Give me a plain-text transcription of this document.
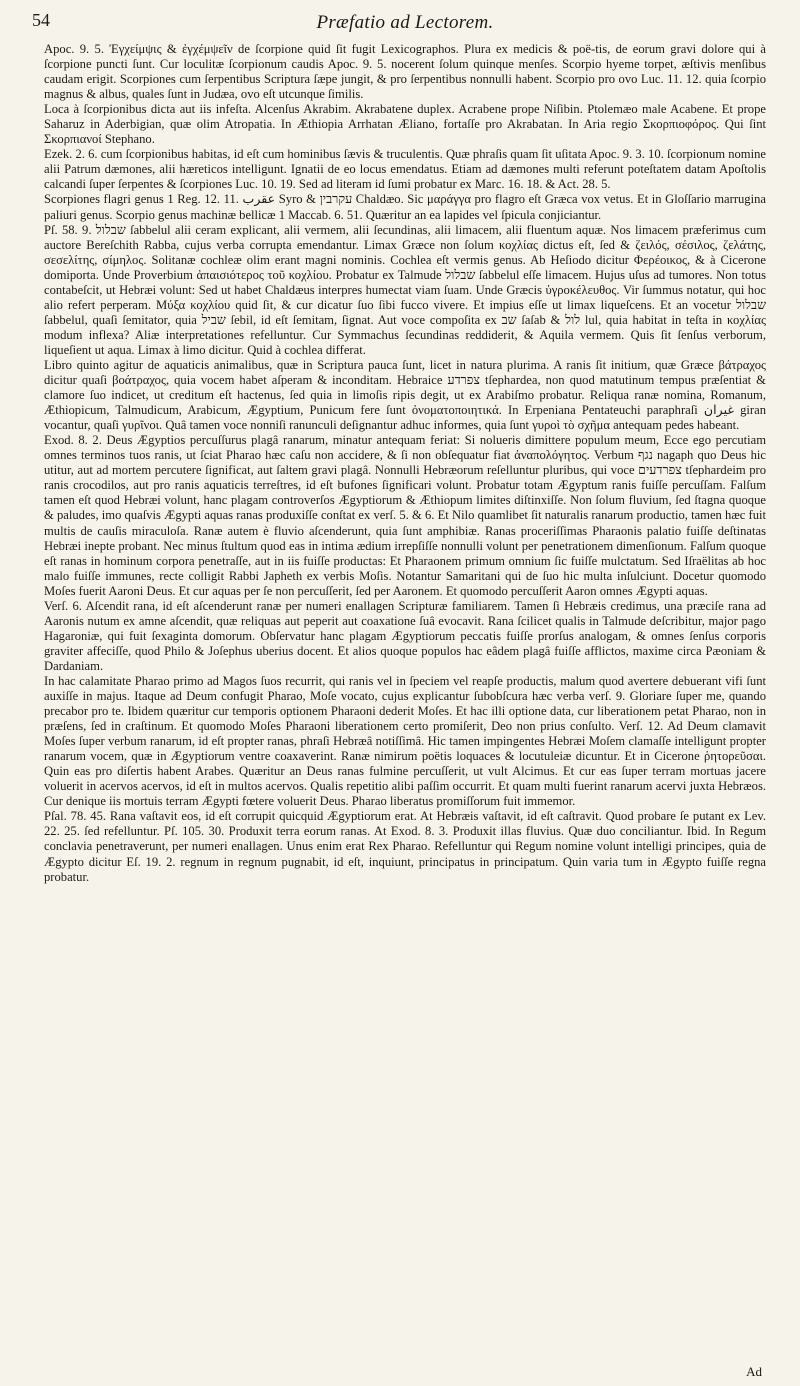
54	Præfatio ad Lectorem.

Apoc. 9. 5. Ἐγχείμψις & ἐγχέμψεῖν de ſcorpione quid ſit fugit Lexicographos. Plura ex medicis & poë-tis, de eorum gravi dolore qui à ſcorpione puncti ſunt. Cur loculitæ ſcorpionum caudis Apoc. 9. 5. nocerent ſolum quinque menſes. Scorpio hyeme torpet, æſtivis menſibus caudam erigit. Scorpiones cum ſerpentibus Scriptura ſæpe jungit, & pro ſerpentibus nonnulli habent. Scorpio pro ovo Luc. 11. 12. quia ſcorpio magnus & albus, quales ſunt in Judæa, ovo eſt utcunque ſimilis.

Loca à ſcorpionibus dicta aut iis infeſta. Alcenſus Akrabim. Akrabatene duplex. Acrabene prope Niſibin. Ptolemæo male Acabene. Et prope Saharuz in Aderbigian, quæ olim Atropatia. In Æthiopia Arrhatan Æliano, fortaſſe pro Akrabatan. In Aria regio Σκορπιοφόρος. Qui ſint Σκορπιανοί Stephano.

Ezek. 2. 6. cum ſcorpionibus habitas, id eſt cum hominibus ſævis & truculentis. Quæ phraſis quam ſit uſitata Apoc. 9. 3. 10. ſcorpionum nomine alii Patrum dæmones, alii hæreticos intelligunt. Ignatii de eo locus emendatus. Etiam ad dæmones multi referunt poteſtatem datam Apoſtolis calcandi ſuper ſerpentes & ſcorpiones Luc. 10. 19. Sed ad literam id ſumi probatur ex Marc. 16. 18. & Act. 28. 5.

Scorpiones flagri genus 1 Reg. 12. 11. عقرب Syro & עקרבין Chaldæo. Sic μαράγγα pro flagro eſt Græca vox vetus. Et in Gloſſario marrugina paliuri genus. Scorpio genus machinæ bellicæ 1 Maccab. 6. 51. Quæritur an ea lapides vel ſpicula conjiciantur.

Pſ. 58. 9. שבלול ſabbelul alii ceram explicant, alii vermem, alii ſecundinas, alii limacem, alii fluentum aquæ. Nos limacem præferimus cum auctore Bereſchith Rabba, cujus verba corrupta emendantur. Limax Græce non ſolum κοχλίας dictus eſt, ſed & ζειλός, σέσιλος, ζελάτης, σεσελίτης, σίμηλος. Solitanæ cochleæ olim erant magni nominis. Cochlea eſt vermis genus. Ab Heſiodo dicitur Φερέοικος, & à Cicerone domiporta. Unde Proverbium ἀπαισιότερος τοῦ κοχλίου. Probatur ex Talmude שבלול ſabbelul eſſe limacem. Hujus uſus ad tumores. Non totus contabeſcit, ut Hebræi volunt: Sed ut habet Chaldæus interpres humectat viam ſuam. Unde Græcis ὑγροκέλευθος. Vir ſummus notatur, qui hoc alio refert perperam. Μύξα κοχλίου quid ſit, & cur dicatur ſuo ſibi fucco vivere. Et impius eſſe ut limax liqueſcens. Et an vocetur שבלול ſabbelul, quaſi ſemitator, quia שביל ſebil, id eſt ſemitam, ſignat. Aut voce compoſita ex שב ſaſab & לול lul, quia habitat in teſta in κοχλίας modum inflexa? Aliæ interpretationes refelluntur. Cur Symmachus ſecundinas reddiderit, & Aquila vermem. Quis ſit ſenſus verborum, liqueſient ut aqua. Limax à limo dicitur. Quid à cochlea differat.

Libro quinto agitur de aquaticis animalibus, quæ in Scriptura pauca ſunt, licet in natura plurima. A ranis ſit initium, quæ Græce βάτραχος dicitur quaſi βοάτραχος, quia vocem habet aſperam & inconditam. Hebraice צפרדע tſephardea, non quod matutinum tempus præſentiat & clamore ſuo indicet, ut creditum eſt hactenus, ſed quia in limoſis ripis degit, ut ex Arabiſmo probatur. Reliqua ranæ nomina, Romanum, Æthiopicum, Talmudicum, Arabicum, Ægyptium, Punicum fere ſunt ὀνοματοποιητικά. In Erpeniana Pentateuchi paraphraſi غيران giran vocantur, quaſi γυρῖνοι. Quâ tamen voce nonniſi ranunculi deſignantur adhuc informes, quia ſunt γυροὶ τὸ σχῆμα antequam pedes habeant.

Exod. 8. 2. Deus Ægyptios percuſſurus plagâ ranarum, minatur antequam feriat: Si nolueris dimittere populum meum, Ecce ego percutiam omnes terminos tuos ranis, ut ſciat Pharao hæc caſu non accidere, & ſi non obſequatur fiat ἀναπολόγητος. Verbum נגף nagaph quo Deus hic utitur, aut ad mortem percutere ſignificat, aut ſaltem gravi plagâ. Nonnulli Hebræorum reſelluntur pluribus, qui voce צפרדעים tſephardeim pro ranis crocodilos, aut pro ranis aquaticis terreſtres, id eſt bufones ſignificari volunt. Probatur totam Ægyptum ranis fuiſſe percuſſam. Falſum tamen eſt quod Hebræi volunt, hanc plagam controverſos Ægyptiorum & Æthiopum limites diſtinxiſſe. Non ſolum fluvium, ſed ſtagna quoque & paludes, imo quaſvis Ægypti aquas ranas produxiſſe conſtat ex verſ. 5. & 6. Et Nilo quamlibet ſit naturalis ranarum productio, tamen hæc fuit multis de cauſis miraculoſa. Ranæ autem è fluvio aſcenderunt, quia ſunt amphibiæ. Ranas proceriſſimas Pharaonis palatio fuiſſe deſtinatas Hebræi inepte probant. Nec minus ſtultum quod eas in intima ædium irrepſiſſe nonnulli volunt per penetrationem dimenſionum. Falſum quoque eſt ranas in hominum corpora penetraſſe, aut in iis fuiſſe productas: Et Pharaonem primum omnium ſic fuiſſe mulctatum. Sed Iſraëlitas ab hoc malo fuiſſe immunes, recte colligit Rabbi Japheth ex verbis Moſis. Notantur Samaritani qui de ſuo hic multa inſulciunt. Docetur quomodo Moſes fuerit Aaroni Deus. Et cur aquas per ſe non percuſſerit, ſed per Aaronem. Et quomodo percuſſerit Aaron omnes Ægypti aquas.

Verſ. 6. Aſcendit rana, id eſt aſcenderunt ranæ per numeri enallagen Scripturæ familiarem. Tamen ſi Hebræis credimus, una præciſe rana ad Aaronis nutum ex amne aſcendit, quæ reliquas aut peperit aut coaxatione ſuâ evocavit. Rana ſcilicet qualis in Talmude deſcribitur, major pago Hagaroniæ, qui fuit ſexaginta domorum. Obſervatur hanc plagam Ægyptiorum peccatis fuiſſe prorſus analogam, & omnes ſenſus corporis graviter affeciſſe, quod Philo & Joſephus uberius docent. Et alios quoque populos hac eâdem plagâ fuiſſe afflictos, maxime circa Pæoniam & Dardaniam.

In hac calamitate Pharao primo ad Magos ſuos recurrit, qui ranis vel in ſpeciem vel reapſe productis, malum quod avertere debuerant vifi ſunt auxiſſe in majus. Itaque ad Deum confugit Pharao, Moſe vocato, cujus explicantur ſubobſcura hæc verba verſ. 9. Gloriare ſuper me, quando precabor pro te. Ibidem quæritur cur temporis optionem Pharaoni dederit Moſes. Et hac illi optione data, cur liberationem petat Pharao, non in præſens, ſed in craſtinum. Et quomodo Moſes Pharaoni liberationem certo promiſerit, Deo non prius conſulto. Verſ. 12. Ad Deum clamavit Moſes ſuper verbum ranarum, id eſt propter ranas, phraſi Hebræâ notiſſimâ. Hic tamen impingentes Hebræi Moſem clamaſſe intelligunt propter ranarum vocem, quæ in Ægyptiorum ventre coaxaverint. Ranæ nimirum poëtis loquaces & locutuleiæ dicuntur. Et in Cicerone ῥητορεῦσαι. Quin eas pro diſertis habent Arabes. Quæritur an Deus ranas fulmine percuſſerit, ut vult Alcimus. Et cur eas ſuper terram mortuas jacere voluerit in acervos acervos, id eſt in multos acervos. Qualis repetitio alibi paſſim occurrit. Et quam multi fuerint ranarum acervi juxta Hebræos. Cur denique iis mortuis terram Ægypti fœtere voluerit Deus. Pharao liberatus promiſſorum fuit immemor.

Pſal. 78. 45. Rana vaſtavit eos, id eſt corrupit quicquid Ægyptiorum erat. At Hebræis vaſtavit, id eſt caſtravit. Quod probare ſe putant ex Lev. 22. 25. ſed refelluntur. Pſ. 105. 30. Produxit terra eorum ranas. At Exod. 8. 3. Produxit illas fluvius. Quæ duo conciliantur. Ibid. In Regum conclavia penetraverunt, per numeri enallagen. Unus enim erat Rex Pharao. Refelluntur qui Regum nomine volunt intelligi principes, quia de Ægypto dicitur Eſ. 19. 2. regnum in regnum pugnabit, id eſt, inquiunt, principatus in principatum. Quin varia tum in Ægypto fuiſſe regna probatur.

Ad
